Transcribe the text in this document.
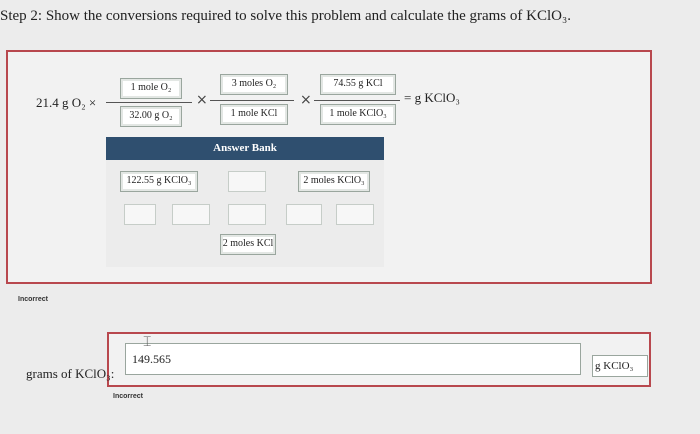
Step 2: Show the conversions required to solve this problem and calculate the grams of KClO₃.
21.4 g O₂ ×
1 mole O₂
32.00 g O₂
×
3 moles O₂
1 mole KCl
×
74.55 g KCl
1 mole KClO₃
= g KClO₃
Answer Bank
122.55 g KClO₃	2 moles KClO₃
2 moles KCl
Incorrect
grams of KClO₃:
149.565
⌶
g KClO₃
Incorrect
